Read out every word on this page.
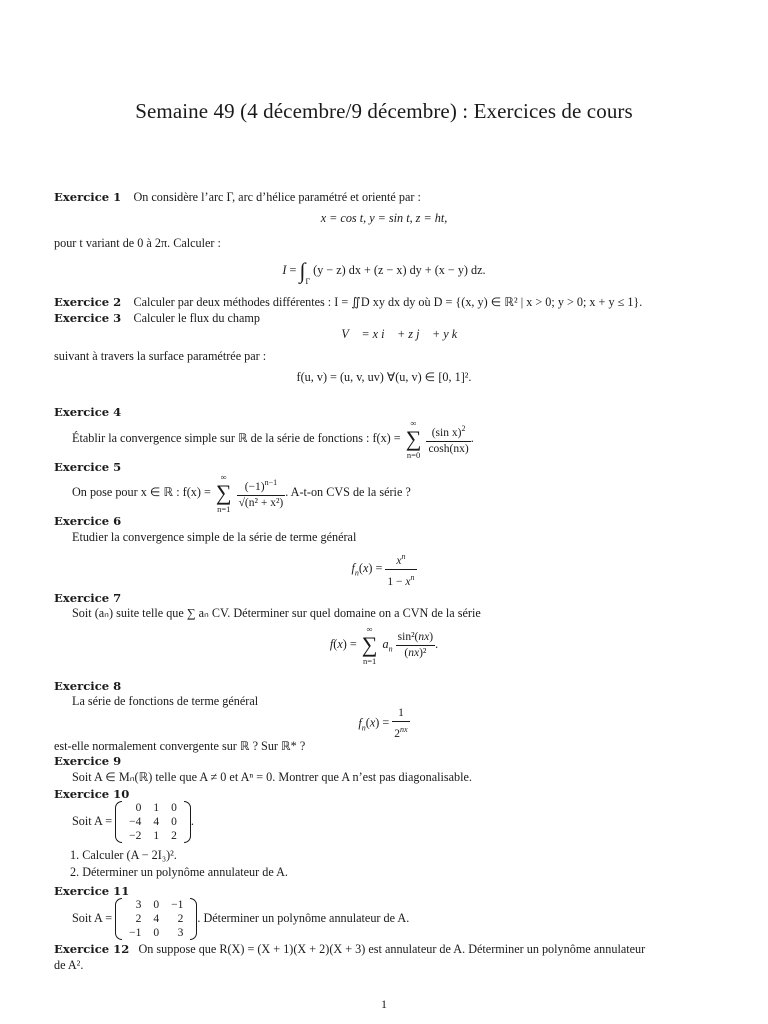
Semaine 49 (4 décembre/9 décembre) : Exercices de cours
Exercice 1 On considère l’arc Γ, arc d’hélice paramétré et orienté par :
x = cos t, y = sin t, z = ht,
pour t variant de 0 à 2π. Calculer :
$I = \int_\Gamma$ (y − z) dx + (z − x) dy + (x − y) dz.
Exercice 2 Calculer par deux méthodes différentes : I = ∬D xy dx dy où D = {(x, y) ∈ ℝ² | x > 0; y > 0; x + y ≤ 1}.
Exercice 3 Calculer le flux du champ
V⃗ = x i⃗ + z j⃗ + y k⃗
suivant à travers la surface paramétrée par :
f(u, v) = (u, v, uv) ∀(u, v) ∈ [0, 1]².
Exercice 4
Établir la convergence simple sur ℝ de la série de fonctions : f(x) =
∞
∑
n=0
$\frac{(\sin x)^2}{\cosh(nx)}$ .
Exercice 5
On pose pour x ∈ ℝ : f(x) =
∞
∑
n=1
$\frac{(-1)^{n-1}}{\text{√(n² + x²)}}$ . A-t-on CVS de la série ?
Exercice 6
Etudier la convergence simple de la série de terme général
$f_n(x) = \frac{x^n}{1 - x^n}$
Exercice 7
Soit (aₙ) suite telle que ∑ aₙ CV. Déterminer sur quel domaine on a CVN de la série
f(x) =
∞
∑
n=1
$a_n \frac{\text{sin²(nx)}}{\text{(nx)²}}$ .
Exercice 8
La série de fonctions de terme général
$f_n(x) = \frac{1}{2^{nx}}$
est-elle normalement convergente sur ℝ ? Sur ℝ* ?
Exercice 9
Soit A ∈ Mₙ(ℝ) telle que A ≠ 0 et Aⁿ = 0. Montrer que A n’est pas diagonalisable.
Exercice 10
Soit A =
0	1	0
−4	4	0
−2	1	2
.
1. Calculer (A − 2I₃)².
2. Déterminer un polynôme annulateur de A.
Exercice 11
Soit A =
3	0	−1
2	4	2
−1	0	3
. Déterminer un polynôme annulateur de A.
Exercice 12 On suppose que R(X) = (X + 1)(X + 2)(X + 3) est annulateur de A. Déterminer un polynôme annulateur
de A².
1
